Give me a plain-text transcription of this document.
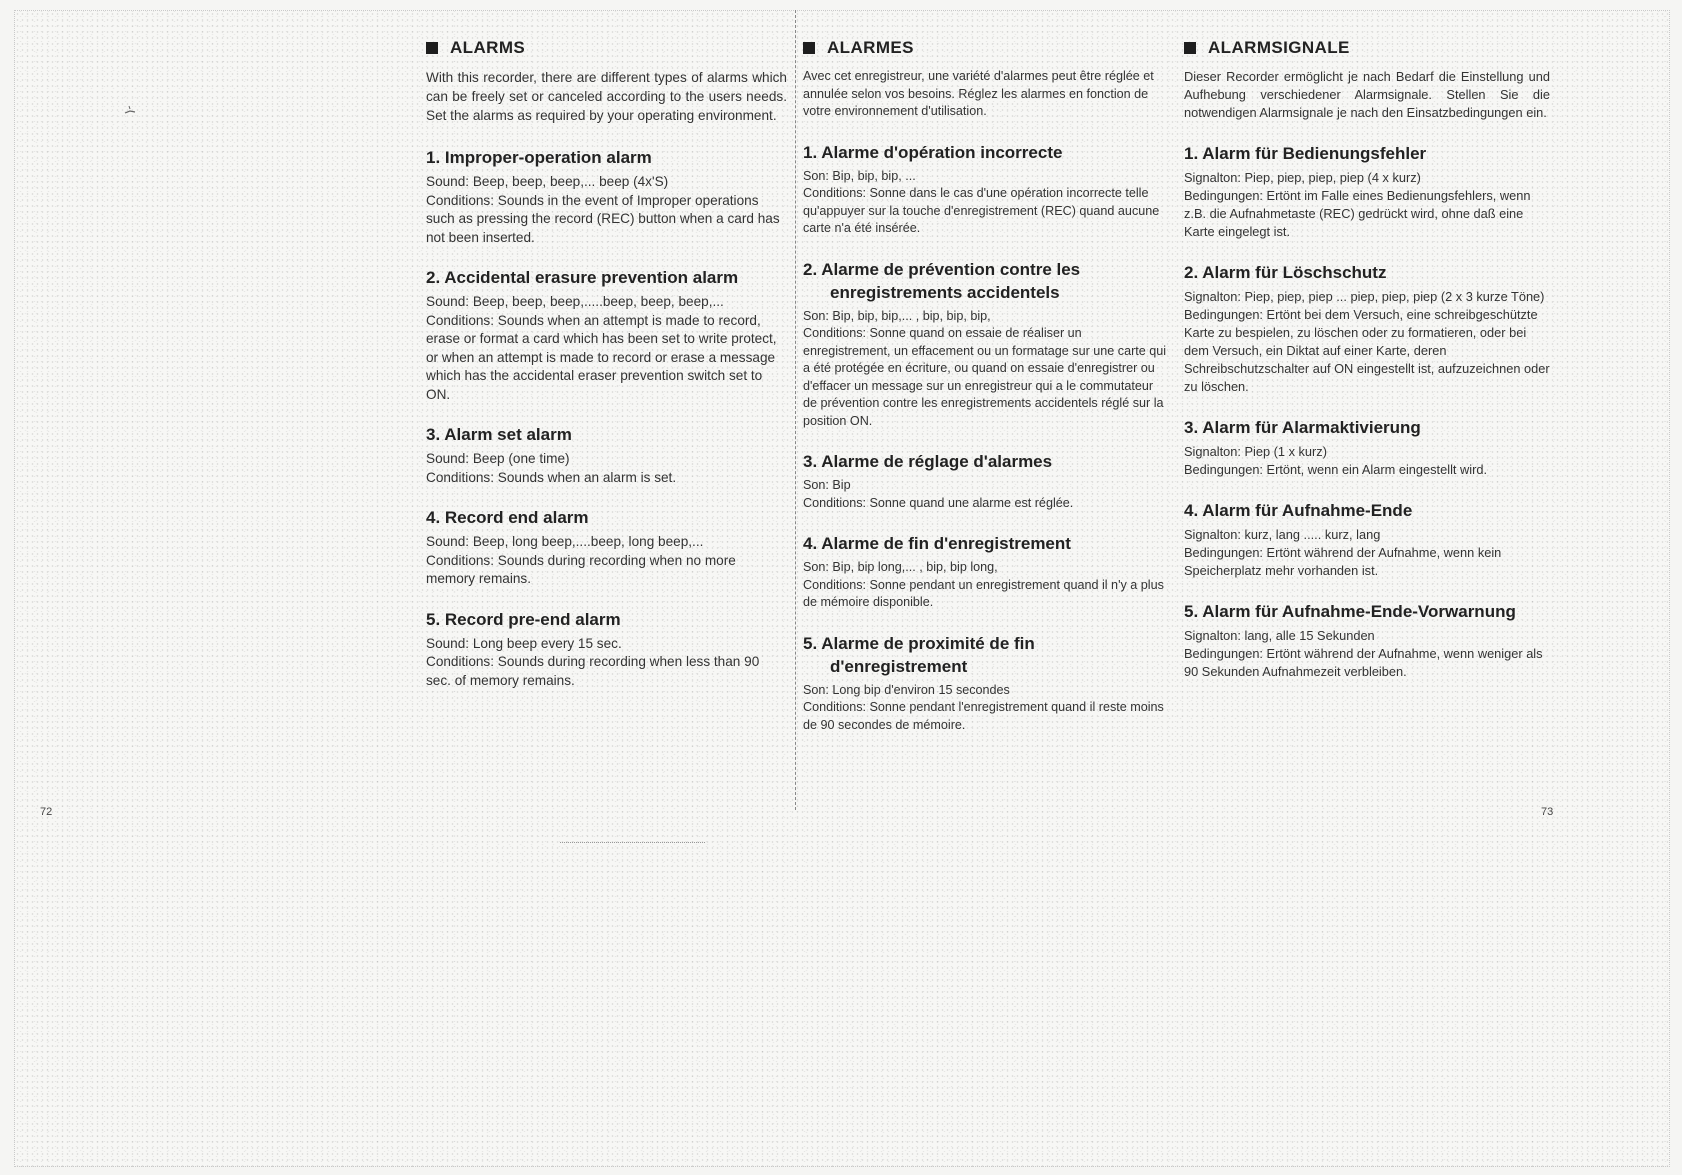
ALARMS

With this recorder, there are different types of alarms which can be freely set or canceled according to the users needs. Set the alarms as required by your operating environment.

1. Improper-operation alarm
Sound: Beep, beep, beep,... beep (4x'S)
Conditions: Sounds in the event of Improper operations such as pressing the record (REC) button when a card has not been inserted.
2. Accidental erasure prevention alarm
Sound: Beep, beep, beep,.....beep, beep, beep,...
Conditions: Sounds when an attempt is made to record, erase or format a card which has been set to write protect, or when an attempt is made to record or erase a message which has the accidental eraser prevention switch set to ON.
3. Alarm set alarm
Sound: Beep (one time)
Conditions: Sounds when an alarm is set.
4. Record end alarm
Sound: Beep, long beep,....beep, long beep,...
Conditions: Sounds during recording when no more memory remains.
5. Record pre-end alarm
Sound: Long beep every 15 sec.
Conditions: Sounds during recording when less than 90 sec. of memory remains.
ALARMES

Avec cet enregistreur, une variété d'alarmes peut être réglée et annulée selon vos besoins. Réglez les alarmes en fonction de votre environnement d'utilisation.

1. Alarme d'opération incorrecte
Son: Bip, bip, bip, ...
Conditions: Sonne dans le cas d'une opération incorrecte telle qu'appuyer sur la touche d'enregistrement (REC) quand aucune carte n'a été insérée.
2. Alarme de prévention contre les enregistrements accidentels
Son: Bip, bip, bip,... , bip, bip, bip,
Conditions: Sonne quand on essaie de réaliser un enregistrement, un effacement ou un formatage sur une carte qui a été protégée en écriture, ou quand on essaie d'enregistrer ou d'effacer un message sur un enregistreur qui a le commutateur de prévention contre les enregistrements accidentels réglé sur la position ON.
3. Alarme de réglage d'alarmes
Son: Bip
Conditions: Sonne quand une alarme est réglée.
4. Alarme de fin d'enregistrement
Son: Bip, bip long,... , bip, bip long,
Conditions: Sonne pendant un enregistrement quand il n'y a plus de mémoire disponible.
5. Alarme de proximité de fin d'enregistrement
Son: Long bip d'environ 15 secondes
Conditions: Sonne pendant l'enregistrement quand il reste moins de 90 secondes de mémoire.
ALARMSIGNALE

Dieser Recorder ermöglicht je nach Bedarf die Einstellung und Aufhebung verschiedener Alarmsignale. Stellen Sie die notwendigen Alarmsignale je nach den Einsatzbedingungen ein.

1. Alarm für Bedienungsfehler
Signalton: Piep, piep, piep, piep (4 x kurz)
Bedingungen: Ertönt im Falle eines Bedienungsfehlers, wenn z.B. die Aufnahmetaste (REC) gedrückt wird, ohne daß eine Karte eingelegt ist.
2. Alarm für Löschschutz
Signalton: Piep, piep, piep ... piep, piep, piep (2 x 3 kurze Töne)
Bedingungen: Ertönt bei dem Versuch, eine schreibgeschützte Karte zu bespielen, zu löschen oder zu formatieren, oder bei dem Versuch, ein Diktat auf einer Karte, deren Schreibschutzschalter auf ON eingestellt ist, aufzuzeichnen oder zu löschen.
3. Alarm für Alarmaktivierung
Signalton: Piep (1 x kurz)
Bedingungen: Ertönt, wenn ein Alarm eingestellt wird.
4. Alarm für Aufnahme-Ende
Signalton: kurz, lang ..... kurz, lang
Bedingungen: Ertönt während der Aufnahme, wenn kein Speicherplatz mehr vorhanden ist.
5. Alarm für Aufnahme-Ende-Vorwarnung
Signalton: lang, alle 15 Sekunden
Bedingungen: Ertönt während der Aufnahme, wenn weniger als 90 Sekunden Aufnahmezeit verbleiben.
72	73
